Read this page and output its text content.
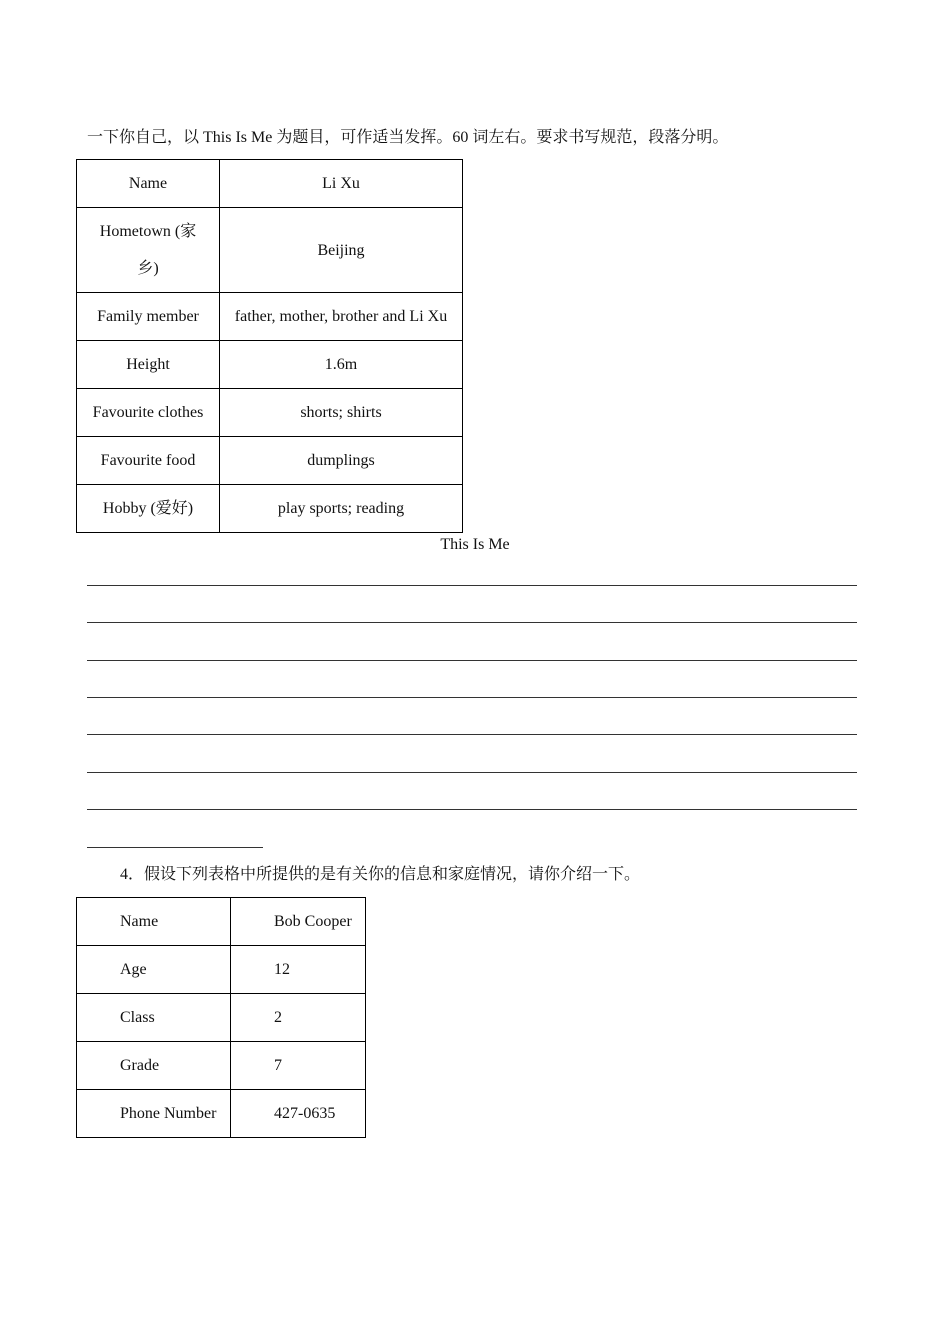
一下你自己，以 This Is Me 为题目，可作适当发挥。60 词左右。要求书写规范，段落分明。
Name	Li Xu
Hometown (家
乡)	Beijing
Family member	father, mother, brother and Li Xu
Height	1.6m
Favourite clothes	shorts; shirts
Favourite food	dumplings
Hobby (爱好)	play sports; reading
This Is Me
4．假设下列表格中所提供的是有关你的信息和家庭情况，请你介绍一下。
Name	Bob Cooper
Age	12
Class	2
Grade	7
Phone Number	427-0635
